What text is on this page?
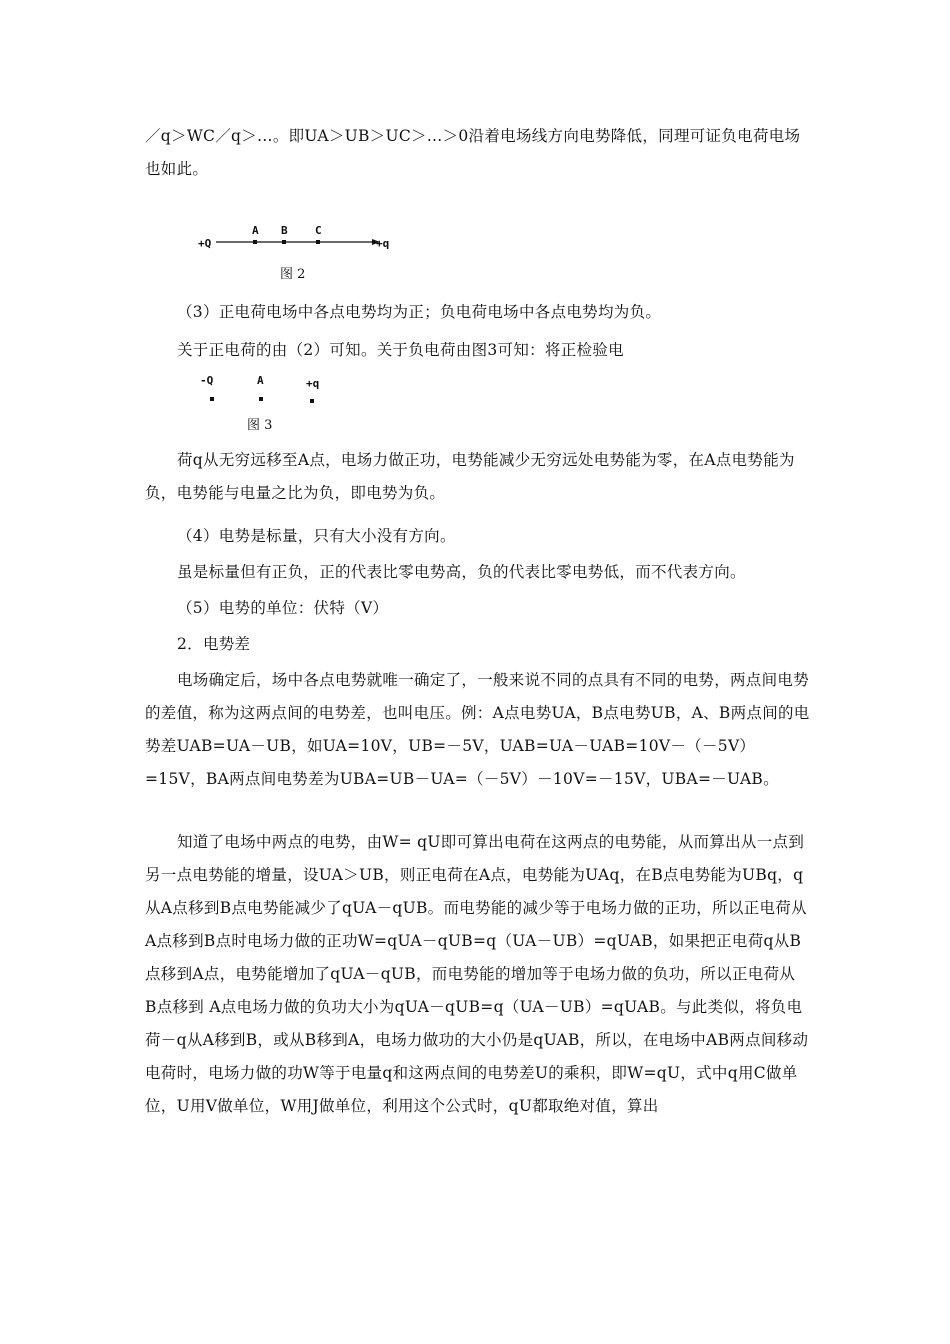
／q＞WC／q＞…。即UA＞UB＞UC＞…＞0沿着电场线方向电势降低，同理可证负电荷电场也如此。

+Q	+q
A B C
图 2

（3）正电荷电场中各点电势均为正；负电荷电场中各点电势均为负。

关于正电荷的由（2）可知。关于负电荷由图3可知：将正检验电

-Q	A	+q
图 3

荷q从无穷远移至A点，电场力做正功，电势能减少无穷远处电势能为零，在A点电势能为负，电势能与电量之比为负，即电势为负。

（4）电势是标量，只有大小没有方向。

虽是标量但有正负，正的代表比零电势高，负的代表比零电势低，而不代表方向。

（5）电势的单位：伏特（V）

2．电势差

电场确定后，场中各点电势就唯一确定了，一般来说不同的点具有不同的电势，两点间电势的差值，称为这两点间的电势差，也叫电压。例：A点电势UA，B点电势UB，A、B两点间的电势差UAB=UA－UB，如UA=10V，UB=－5V，UAB=UA－UAB=10V－（－5V）=15V，BA两点间电势差为UBA=UB－UA=（－5V）－10V=－15V，UBA=－UAB。

知道了电场中两点的电势，由W= qU即可算出电荷在这两点的电势能，从而算出从一点到另一点电势能的增量，设UA＞UB，则正电荷在A点，电势能为UAq，在B点电势能为UBq，q从A点移到B点电势能减少了qUA－qUB。而电势能的减少等于电场力做的正功，所以正电荷从A点移到B点时电场力做的正功W=qUA－qUB=q（UA－UB）=qUAB，如果把正电荷q从B点移到A点，电势能增加了qUA－qUB，而电势能的增加等于电场力做的负功，所以正电荷从 B点移到 A点电场力做的负功大小为qUA－qUB=q（UA－UB）=qUAB。与此类似，将负电荷－q从A移到B，或从B移到A，电场力做功的大小仍是qUAB，所以，在电场中AB两点间移动电荷时，电场力做的功W等于电量q和这两点间的电势差U的乘积，即W=qU，式中q用C做单位，U用V做单位，W用J做单位，利用这个公式时，qU都取绝对值，算出
